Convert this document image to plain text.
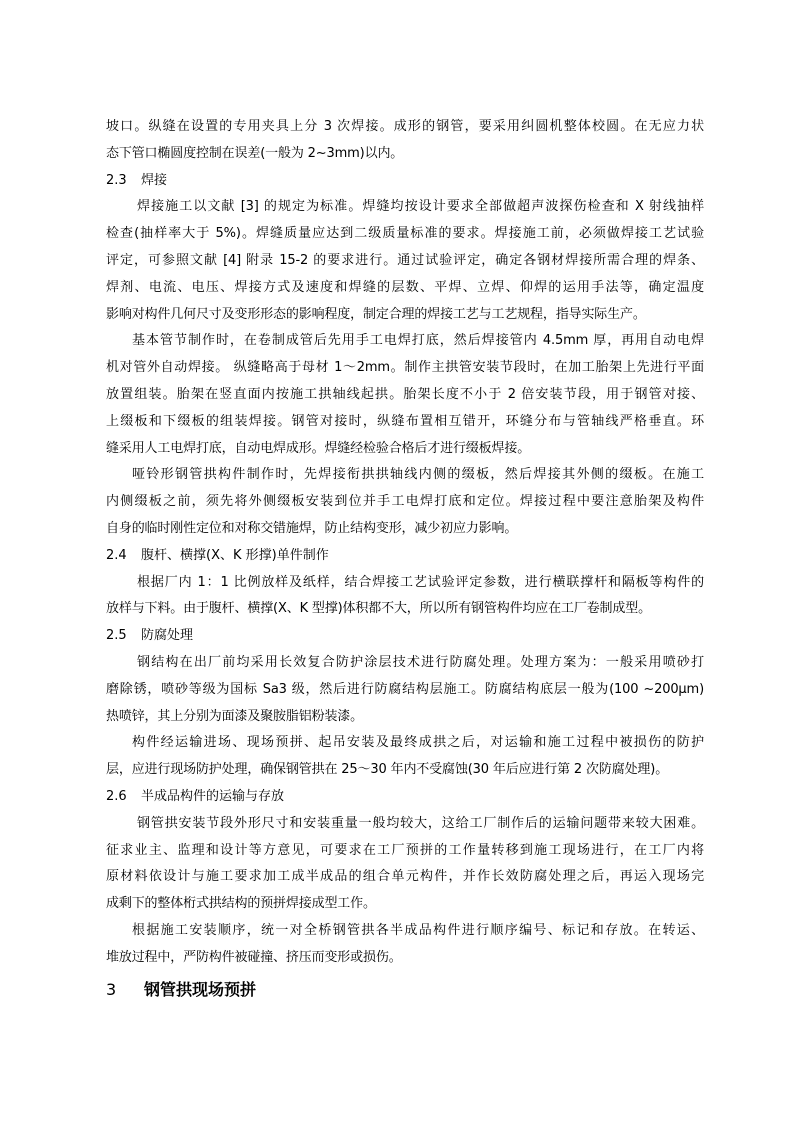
坡口。纵缝在设置的专用夹具上分 3 次焊接。成形的钢管，要采用纠圆机整体校圆。在无应力状
态下管口椭圆度控制在误差(一般为 2~3mm)以内。
2.3 焊接
焊接施工以文献 [3] 的规定为标准。焊缝均按设计要求全部做超声波探伤检查和 X 射线抽样
检查(抽样率大于 5%)。焊缝质量应达到二级质量标准的要求。焊接施工前，必须做焊接工艺试验
评定，可参照文献 [4] 附录 15-2 的要求进行。通过试验评定，确定各钢材焊接所需合理的焊条、
焊剂、电流、电压、焊接方式及速度和焊缝的层数、平焊、立焊、仰焊的运用手法等，确定温度
影响对构件几何尺寸及变形形态的影响程度，制定合理的焊接工艺与工艺规程，指导实际生产。
基本管节制作时，在卷制成管后先用手工电焊打底，然后焊接管内 4.5mm 厚，再用自动电焊
机对管外自动焊接。 纵缝略高于母材 1～2mm。制作主拱管安装节段时，在加工胎架上先进行平面
放置组装。胎架在竖直面内按施工拱轴线起拱。胎架长度不小于 2 倍安装节段，用于钢管对接、
上缀板和下缀板的组装焊接。钢管对接时，纵缝布置相互错开，环缝分布与管轴线严格垂直。环
缝采用人工电焊打底，自动电焊成形。焊缝经检验合格后才进行缀板焊接。
哑铃形钢管拱构件制作时，先焊接衔拱拱轴线内侧的缀板，然后焊接其外侧的缀板。在施工
内侧缀板之前，须先将外侧缀板安装到位并手工电焊打底和定位。焊接过程中要注意胎架及构件
自身的临时刚性定位和对称交错施焊，防止结构变形，减少初应力影响。
2.4 腹杆、横撑(X、K 形撑)单件制作
根据厂内 1：1 比例放样及纸样，结合焊接工艺试验评定参数，进行横联撑杆和隔板等构件的
放样与下料。由于腹杆、横撑(X、K 型撑)体积都不大，所以所有钢管构件均应在工厂卷制成型。
2.5 防腐处理
钢结构在出厂前均采用长效复合防护涂层技术进行防腐处理。处理方案为：一般采用喷砂打
磨除锈，喷砂等级为国标 Sa3 级，然后进行防腐结构层施工。防腐结构底层一般为(100 ~200μm)
热喷锌，其上分别为面漆及聚胺脂铝粉装漆。
构件经运输进场、现场预拼、起吊安装及最终成拱之后，对运输和施工过程中被损伤的防护
层，应进行现场防护处理，确保钢管拱在 25～30 年内不受腐蚀(30 年后应进行第 2 次防腐处理)。
2.6 半成品构件的运输与存放
钢管拱安装节段外形尺寸和安装重量一般均较大，这给工厂制作后的运输问题带来较大困难。
征求业主、监理和设计等方意见，可要求在工厂预拼的工作量转移到施工现场进行，在工厂内将
原材料依设计与施工要求加工成半成品的组合单元构件，并作长效防腐处理之后，再运入现场完
成剩下的整体桁式拱结构的预拼焊接成型工作。
根据施工安装顺序，统一对全桥钢管拱各半成品构件进行顺序编号、标记和存放。在转运、
堆放过程中，严防构件被碰撞、挤压而变形或损伤。
3 钢管拱现场预拼
